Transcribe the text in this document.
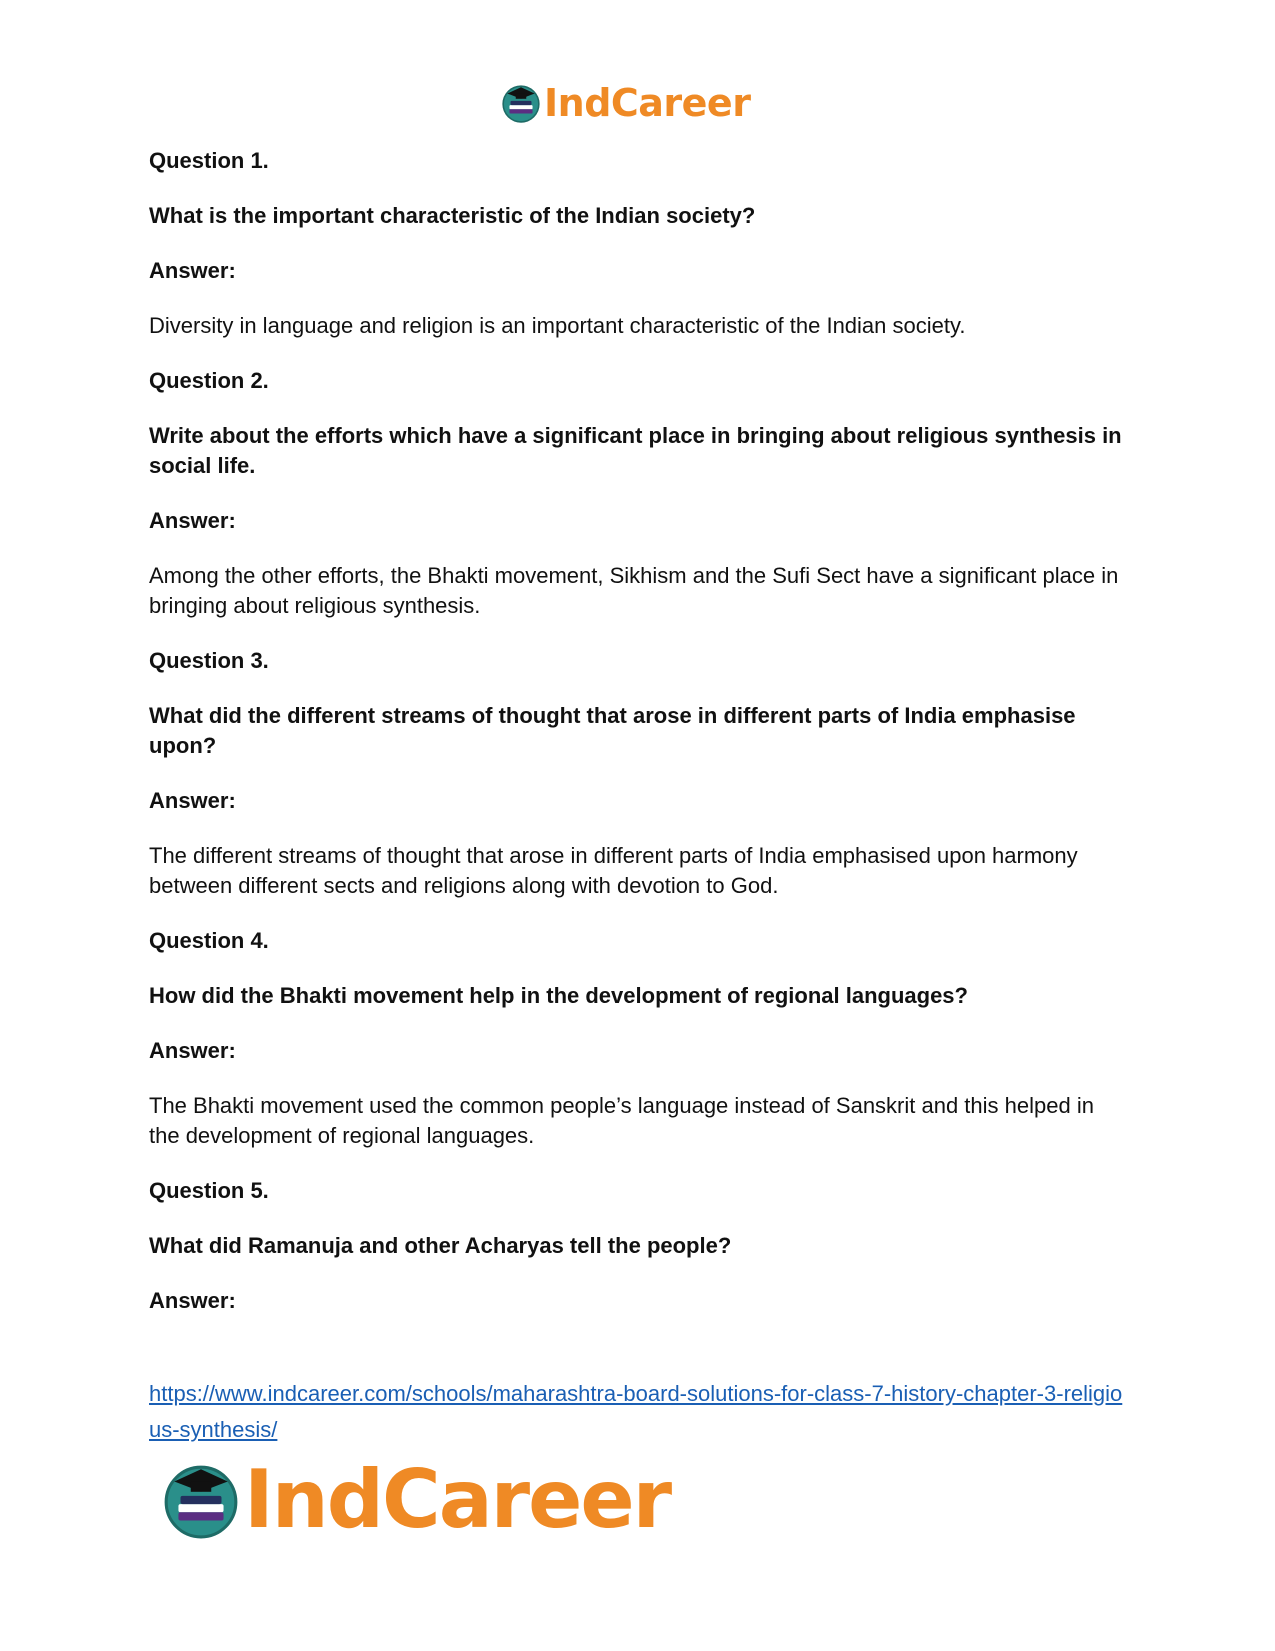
IndCareer

Question 1.

What is the important characteristic of the Indian society?

Answer:

Diversity in language and religion is an important characteristic of the Indian society.

Question 2.

Write about the efforts which have a significant place in bringing about religious synthesis in social life.

Answer:

Among the other efforts, the Bhakti movement, Sikhism and the Sufi Sect have a significant place in bringing about religious synthesis.

Question 3.

What did the different streams of thought that arose in different parts of India emphasise upon?

Answer:

The different streams of thought that arose in different parts of India emphasised upon harmony between different sects and religions along with devotion to God.

Question 4.

How did the Bhakti movement help in the development of regional languages?

Answer:

The Bhakti movement used the common people’s language instead of Sanskrit and this helped in the development of regional languages.

Question 5.

What did Ramanuja and other Acharyas tell the people?

Answer:

https://www.indcareer.com/schools/maharashtra-board-solutions-for-class-7-history-chapter-3-religious-synthesis/
IndCareer
